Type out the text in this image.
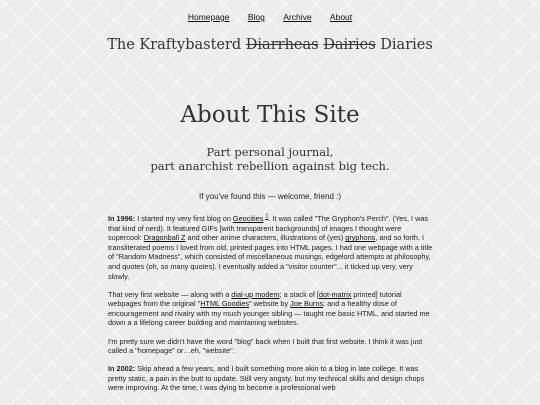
Homepage Blog Archive About
The Kraftybasterd Diarrheas Dairies Diaries
About This Site
Part personal journal,
part anarchist rebellion against big tech.
If you've found this — welcome, friend :)

In 1996: I started my very first blog on Geocities $^1$. It was called "The Gryphon's Perch". (Yes, I was that kind of nerd). It featured GIFs [with transparent backgrounds] of images I thought were supercool: Dragonball Z and other anime characters, illustrations of (yes) gryphons, and so forth. I transliterated poems I loved from old, printed pages into HTML pages. I had one webpage with a title of "Random Madness", which consisted of miscellaneous musings, edgelord attempts at philosophy, and quotes (oh, so many quotes). I eventually added a "visitor counter"... it ticked up very, very slowly.

That very first website — along with a dial-up modem; a stack of [dot-matrix printed] tutorial webpages from the original "HTML Goodies" website by Joe Burns; and a healthy dose of encouragement and rivalry with my much younger sibling — taught me basic HTML, and started me down a a lifelong career building and maintaining websites.

I'm pretty sure we didn't have the word "blog" back when I built that first website. I think it was just called a "homepage" or…eh, "website".

In 2002: Skip ahead a few years, and I built something more akin to a blog in late college. It was pretty static, a pain in the butt to update. Still very angsty, but my technical skills and design chops were improving. At the time, I was dying to become a professional web
